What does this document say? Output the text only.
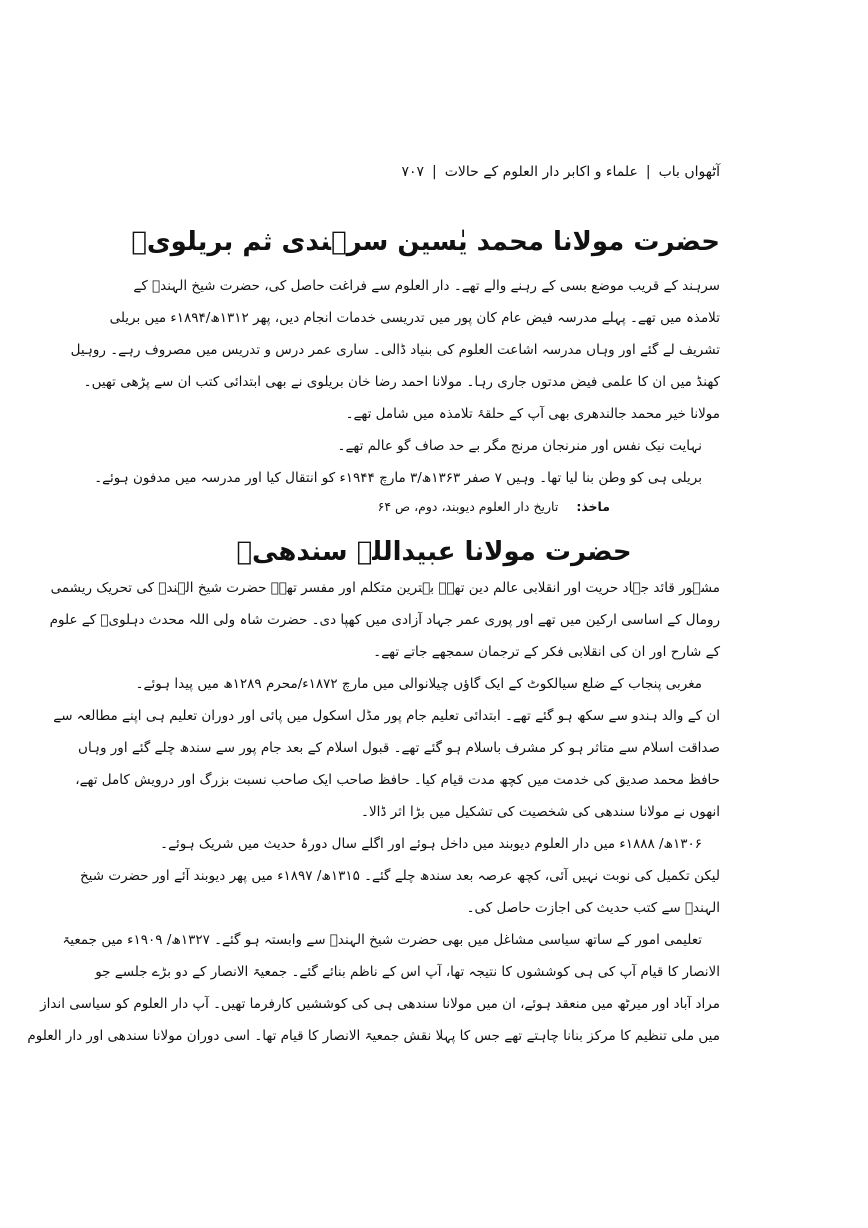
آٹھواں باب
|
علماء و اکابر دار العلوم کے حالات
|
۷۰۷
حضرت مولانا محمد یٰسین سرہندی ثم بریلویؒ
سرہند کے قریب موضع بسی کے رہنے والے تھے۔ دار العلوم سے فراغت حاصل کی، حضرت شیخ الہندؒ کے
تلامذہ میں تھے۔ پہلے مدرسہ فیض عام کان پور میں تدریسی خدمات انجام دیں، پھر ۱۳۱۲ھ/۱۸۹۴ء میں بریلی
تشریف لے گئے اور وہاں مدرسہ اشاعت العلوم کی بنیاد ڈالی۔ ساری عمر درس و تدریس میں مصروف رہے۔ روہیل
کھنڈ میں ان کا علمی فیض مدتوں جاری رہا۔ مولانا احمد رضا خان بریلوی نے بھی ابتدائی کتب ان سے پڑھی تھیں۔
مولانا خیر محمد جالندھری بھی آپ کے حلقۂ تلامذہ میں شامل تھے۔
نہایت نیک نفس اور منرنجان مرنج مگر بے حد صاف گو عالم تھے۔
بریلی ہی کو وطن بنا لیا تھا۔ وہیں ۷ صفر ۱۳۶۳ھ/۳ مارچ ۱۹۴۴ء کو انتقال کیا اور مدرسہ میں مدفون ہوئے۔
ماخذ:
تاریخ دار العلوم دیوبند، دوم، ص ۶۴
حضرت مولانا عبیداللہ سندھیؒ
مشہور قائد جہاد حریت اور انقلابی عالم دین تھے۔ بہترین متکلم اور مفسر تھے۔ حضرت شیخ الہندؒ کی تحریک ریشمی
رومال کے اساسی ارکین میں تھے اور پوری عمر جہاد آزادی میں کھپا دی۔ حضرت شاہ ولی اللہ محدث دہلویؒ کے علوم
کے شارح اور ان کی انقلابی فکر کے ترجمان سمجھے جاتے تھے۔
مغربی پنجاب کے ضلع سیالکوٹ کے ایک گاؤں چیلانوالی میں مارچ ۱۸۷۲ء/محرم ۱۲۸۹ھ میں پیدا ہوئے۔
ان کے والد ہندو سے سکھ ہو گئے تھے۔ ابتدائی تعلیم جام پور مڈل اسکول میں پائی اور دوران تعلیم ہی اپنے مطالعہ سے
صداقت اسلام سے متاثر ہو کر مشرف باسلام ہو گئے تھے۔ قبول اسلام کے بعد جام پور سے سندھ چلے گئے اور وہاں
حافظ محمد صدیق کی خدمت میں کچھ مدت قیام کیا۔ حافظ صاحب ایک صاحب نسبت بزرگ اور درویش کامل تھے،
انھوں نے مولانا سندھی کی شخصیت کی تشکیل میں بڑا اثر ڈالا۔
۱۳۰۶ھ/ ۱۸۸۸ء میں دار العلوم دیوبند میں داخل ہوئے اور اگلے سال دورۂ حدیث میں شریک ہوئے۔
لیکن تکمیل کی نوبت نہیں آئی، کچھ عرصہ بعد سندھ چلے گئے۔ ۱۳۱۵ھ/ ۱۸۹۷ء میں پھر دیوبند آئے اور حضرت شیخ
الہندؒ سے کتب حدیث کی اجازت حاصل کی۔
تعلیمی امور کے ساتھ سیاسی مشاغل میں بھی حضرت شیخ الہندؒ سے وابستہ ہو گئے۔ ۱۳۲۷ھ/ ۱۹۰۹ء میں جمعیۃ
الانصار کا قیام آپ کی ہی کوششوں کا نتیجہ تھا، آپ اس کے ناظم بنائے گئے۔ جمعیۃ الانصار کے دو بڑے جلسے جو
مراد آباد اور میرٹھ میں منعقد ہوئے، ان میں مولانا سندھی ہی کی کوششیں کارفرما تھیں۔ آپ دار العلوم کو سیاسی انداز
میں ملی تنظیم کا مرکز بنانا چاہتے تھے جس کا پہلا نقش جمعیۃ الانصار کا قیام تھا۔ اسی دوران مولانا سندھی اور دار العلوم
